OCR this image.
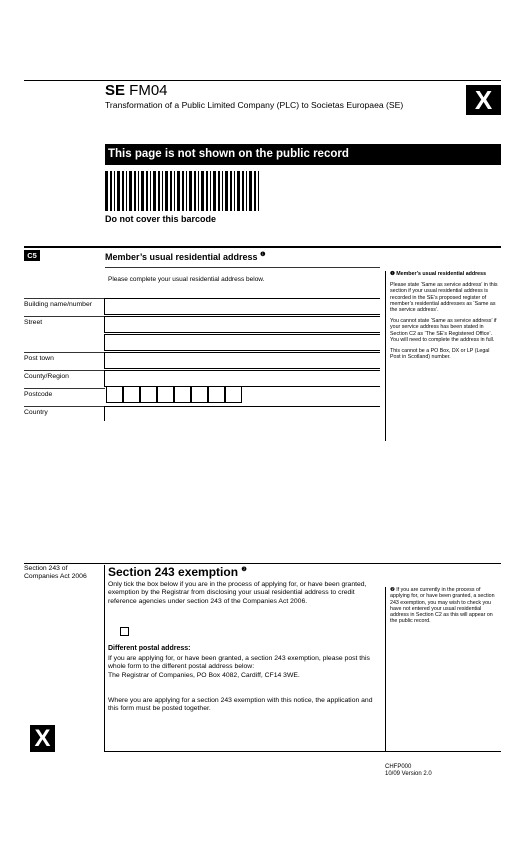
SE FM04
Transformation of a Public Limited Company (PLC) to Societas Europaea (SE)	X
This page is not shown on the public record
Do not cover this barcode
C5	Member’s usual residential address $^❶$
Please complete your usual residential address below.
Building name/number
Street
Post town
County/Region
Postcode
Country

❶ Member’s usual residential address

Please state ‘Same as service address’ in this section if your usual residential address is recorded in the SE’s proposed register of member’s residential addresses as ‘Same as the service address’.

You cannot state ‘Same as service address’ if your service address has been stated in Section C2 as ‘The SE’s Registered Office’. You will need to complete the address in full.

This cannot be a PO Box, DX or LP (Legal Post in Scotland) number.

Section 243 of Companies Act 2006	Section 243 exemption $^❷$
Only tick the box below if you are in the process of applying for, or have been granted, exemption by the Registrar from disclosing your usual residential address to credit reference agencies under section 243 of the Companies Act 2006.
Different postal address:
If you are applying for, or have been granted, a section 243 exemption, please post this whole form to the different postal address below:
The Registrar of Companies, PO Box 4082, Cardiff, CF14 3WE.
Where you are applying for a section 243 exemption with this notice, the application and this form must be posted together.
❷ If you are currently in the process of applying for, or have been granted, a section 243 exemption, you may wish to check you have not entered your usual residential address in Section C2 as this will appear on the public record.
X
CHFP000
10/09 Version 2.0
